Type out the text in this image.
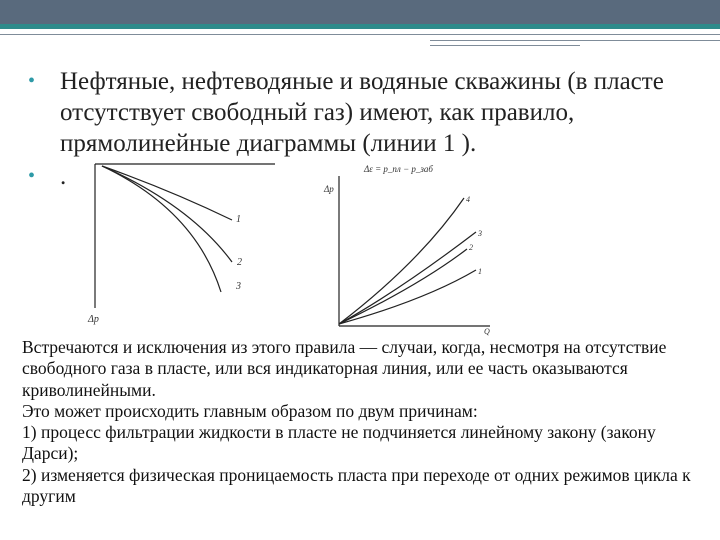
• Нефтяные, нефтеводяные и водяные скважины (в пласте отсутствует свободный газ) имеют, как правило, прямолинейные диаграммы (линии 1 ).
• .
1
2
3
Δp
Δε = p_пл − p_заб
Δp
4
3
2
1
Q

Встречаются и исключения из этого правила — случаи, когда, несмотря на отсутствие свободного газа в пласте, или вся индикаторная линия, или ее часть оказываются криволинейными.

Это может происходить главным образом по двум причинам:

1) процесс фильтрации жидкости в пласте не подчиняется линейному закону (закону Дарси);

2) изменяется физическая проницаемость пласта при переходе от одних режимов цикла к другим
